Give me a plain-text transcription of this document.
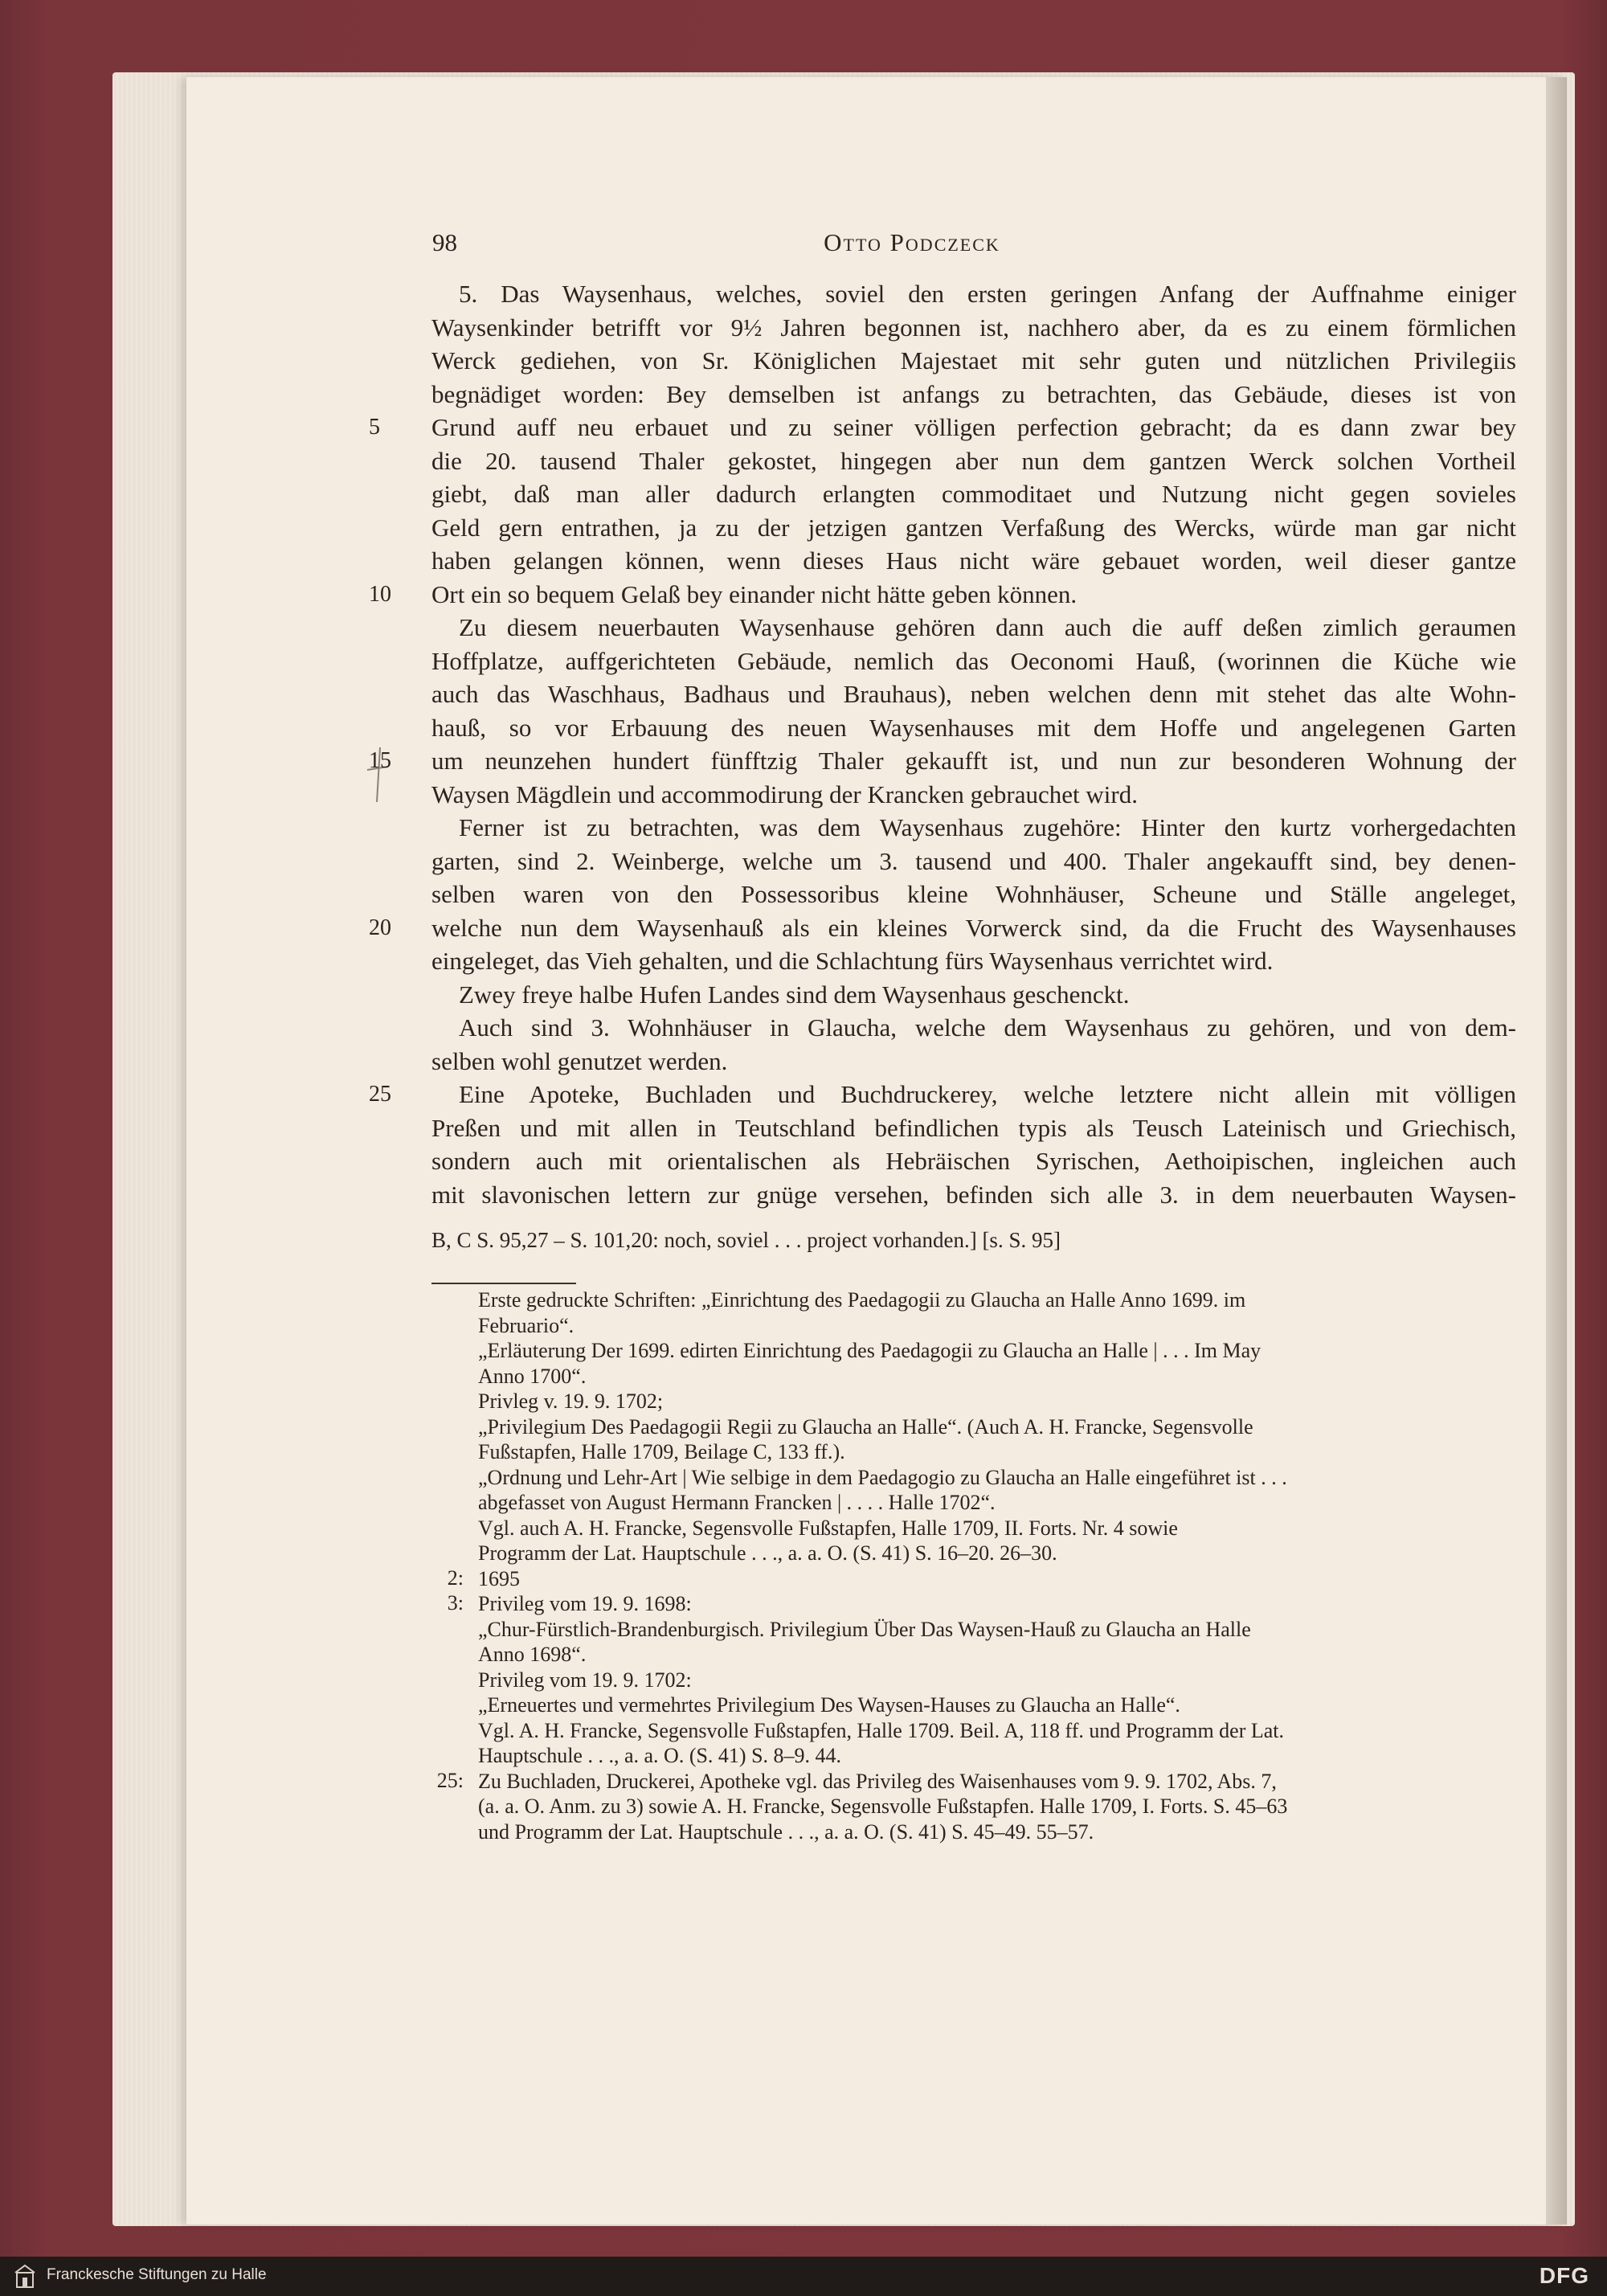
98	Otto Podczeck
5. Das Waysenhaus, welches, soviel den ersten geringen Anfang der Auffnahme einiger
Waysenkinder betrifft vor 9½ Jahren begonnen ist, nachhero aber, da es zu einem förmlichen
Werck gediehen, von Sr. Königlichen Majestaet mit sehr guten und nützlichen Privilegiis
begnädiget worden: Bey demselben ist anfangs zu betrachten, das Gebäude, dieses ist von
5	Grund auff neu erbauet und zu seiner völligen perfection gebracht; da es dann zwar bey
die 20. tausend Thaler gekostet, hingegen aber nun dem gantzen Werck solchen Vortheil
giebt, daß man aller dadurch erlangten commoditaet und Nutzung nicht gegen sovieles
Geld gern entrathen, ja zu der jetzigen gantzen Verfaßung des Wercks, würde man gar nicht
haben gelangen können, wenn dieses Haus nicht wäre gebauet worden, weil dieser gantze
10	Ort ein so bequem Gelaß bey einander nicht hätte geben können.
Zu diesem neuerbauten Waysenhause gehören dann auch die auff deßen zimlich geraumen
Hoffplatze, auffgerichteten Gebäude, nemlich das Oeconomi Hauß, (worinnen die Küche wie
auch das Waschhaus, Badhaus und Brauhaus), neben welchen denn mit stehet das alte Wohn-
hauß, so vor Erbauung des neuen Waysenhauses mit dem Hoffe und angelegenen Garten
15	um neunzehen hundert fünfftzig Thaler gekaufft ist, und nun zur besonderen Wohnung der
Waysen Mägdlein und accommodirung der Krancken gebrauchet wird.
Ferner ist zu betrachten, was dem Waysenhaus zugehöre: Hinter den kurtz vorhergedachten
garten, sind 2. Weinberge, welche um 3. tausend und 400. Thaler angekaufft sind, bey denen-
selben waren von den Possessoribus kleine Wohnhäuser, Scheune und Ställe angeleget,
20	welche nun dem Waysenhauß als ein kleines Vorwerck sind, da die Frucht des Waysenhauses
eingeleget, das Vieh gehalten, und die Schlachtung fürs Waysenhaus verrichtet wird.
Zwey freye halbe Hufen Landes sind dem Waysenhaus geschenckt.
Auch sind 3. Wohnhäuser in Glaucha, welche dem Waysenhaus zu gehören, und von dem-
selben wohl genutzet werden.
25	Eine Apoteke, Buchladen und Buchdruckerey, welche letztere nicht allein mit völligen
Preßen und mit allen in Teutschland befindlichen typis als Teusch Lateinisch und Griechisch,
sondern auch mit orientalischen als Hebräischen Syrischen, Aethoipischen, ingleichen auch
mit slavonischen lettern zur gnüge versehen, befinden sich alle 3. in dem neuerbauten Waysen-
B, C S. 95,27 – S. 101,20: noch, soviel . . . project vorhanden.] [s. S. 95]
Erste gedruckte Schriften: „Einrichtung des Paedagogii zu Glaucha an Halle Anno 1699. im
Februario“.
„Erläuterung Der 1699. edirten Einrichtung des Paedagogii zu Glaucha an Halle | . . . Im May
Anno 1700“.
Privleg v. 19. 9. 1702;
„Privilegium Des Paedagogii Regii zu Glaucha an Halle“. (Auch A. H. Francke, Segensvolle
Fußstapfen, Halle 1709, Beilage C, 133 ff.).
„Ordnung und Lehr-Art | Wie selbige in dem Paedagogio zu Glaucha an Halle eingeführet ist . . .
abgefasset von August Hermann Francken | . . . . Halle 1702“.
Vgl. auch A. H. Francke, Segensvolle Fußstapfen, Halle 1709, II. Forts. Nr. 4 sowie
Programm der Lat. Hauptschule . . ., a. a. O. (S. 41) S. 16–20. 26–30.
2: 1695
3: Privileg vom 19. 9. 1698:
„Chur-Fürstlich-Brandenburgisch. Privilegium Über Das Waysen-Hauß zu Glaucha an Halle
Anno 1698“.
Privileg vom 19. 9. 1702:
„Erneuertes und vermehrtes Privilegium Des Waysen-Hauses zu Glaucha an Halle“.
Vgl. A. H. Francke, Segensvolle Fußstapfen, Halle 1709. Beil. A, 118 ff. und Programm der Lat.
Hauptschule . . ., a. a. O. (S. 41) S. 8–9. 44.
25: Zu Buchladen, Druckerei, Apotheke vgl. das Privileg des Waisenhauses vom 9. 9. 1702, Abs. 7,
(a. a. O. Anm. zu 3) sowie A. H. Francke, Segensvolle Fußstapfen. Halle 1709, I. Forts. S. 45–63
und Programm der Lat. Hauptschule . . ., a. a. O. (S. 41) S. 45–49. 55–57.
Franckesche Stiftungen zu Halle	DFG
